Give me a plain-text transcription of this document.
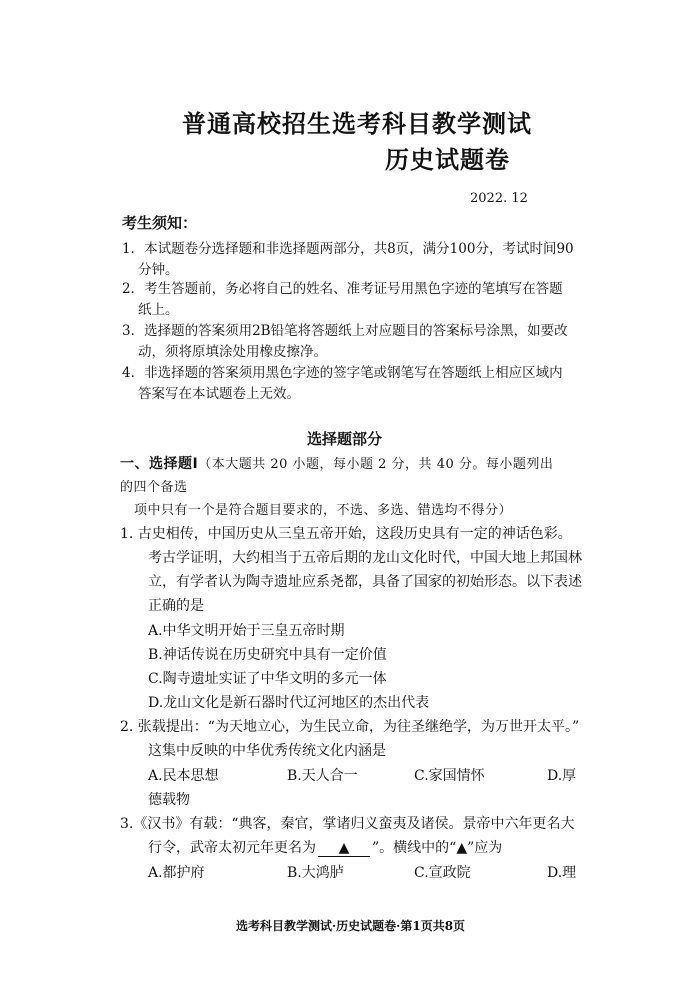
普通高校招生选考科目教学测试
历史试题卷
2022. 12
考生须知：
1．本试题卷分选择题和非选择题两部分，共8页，满分100分，考试时间90
分钟。
2．考生答题前，务必将自己的姓名、准考证号用黑色字迹的笔填写在答题
纸上。
3．选择题的答案须用2B铅笔将答题纸上对应题目的答案标号涂黑，如要改
动，须将原填涂处用橡皮擦净。
4．非选择题的答案须用黑色字迹的签字笔或钢笔写在答题纸上相应区域内
答案写在本试题卷上无效。
选择题部分
一、选择题Ⅰ（本大题共 20 小题，每小题 2 分，共 40 分。每小题列出
的四个备选
项中只有一个是符合题目要求的，不选、多选、错选均不得分）
1. 古史相传，中国历史从三皇五帝开始，这段历史具有一定的神话色彩。
考古学证明，大约相当于五帝后期的龙山文化时代，中国大地上邦国林
立，有学者认为陶寺遗址应系尧都，具备了国家的初始形态。以下表述
正确的是
A.中华文明开始于三皇五帝时期
B.神话传说在历史研究中具有一定价值
C.陶寺遗址实证了中华文明的多元一体
D.龙山文化是新石器时代辽河地区的杰出代表
2. 张载提出：“为天地立心，为生民立命，为往圣继绝学，为万世开太平。”
这集中反映的中华优秀传统文化内涵是
A.民本思想	B.天人合一	C.家国情怀	D.厚
德载物
3.《汉书》有载：“典客，秦官，掌诸归义蛮夷及诸侯。景帝中六年更名大
行令，武帝太初元年更名为 ▲ ”。横线中的“▲”应为
A.都护府	B.大鸿胪	C.宣政院	D.理
选考科目教学测试·历史试题卷·第1页共8页
